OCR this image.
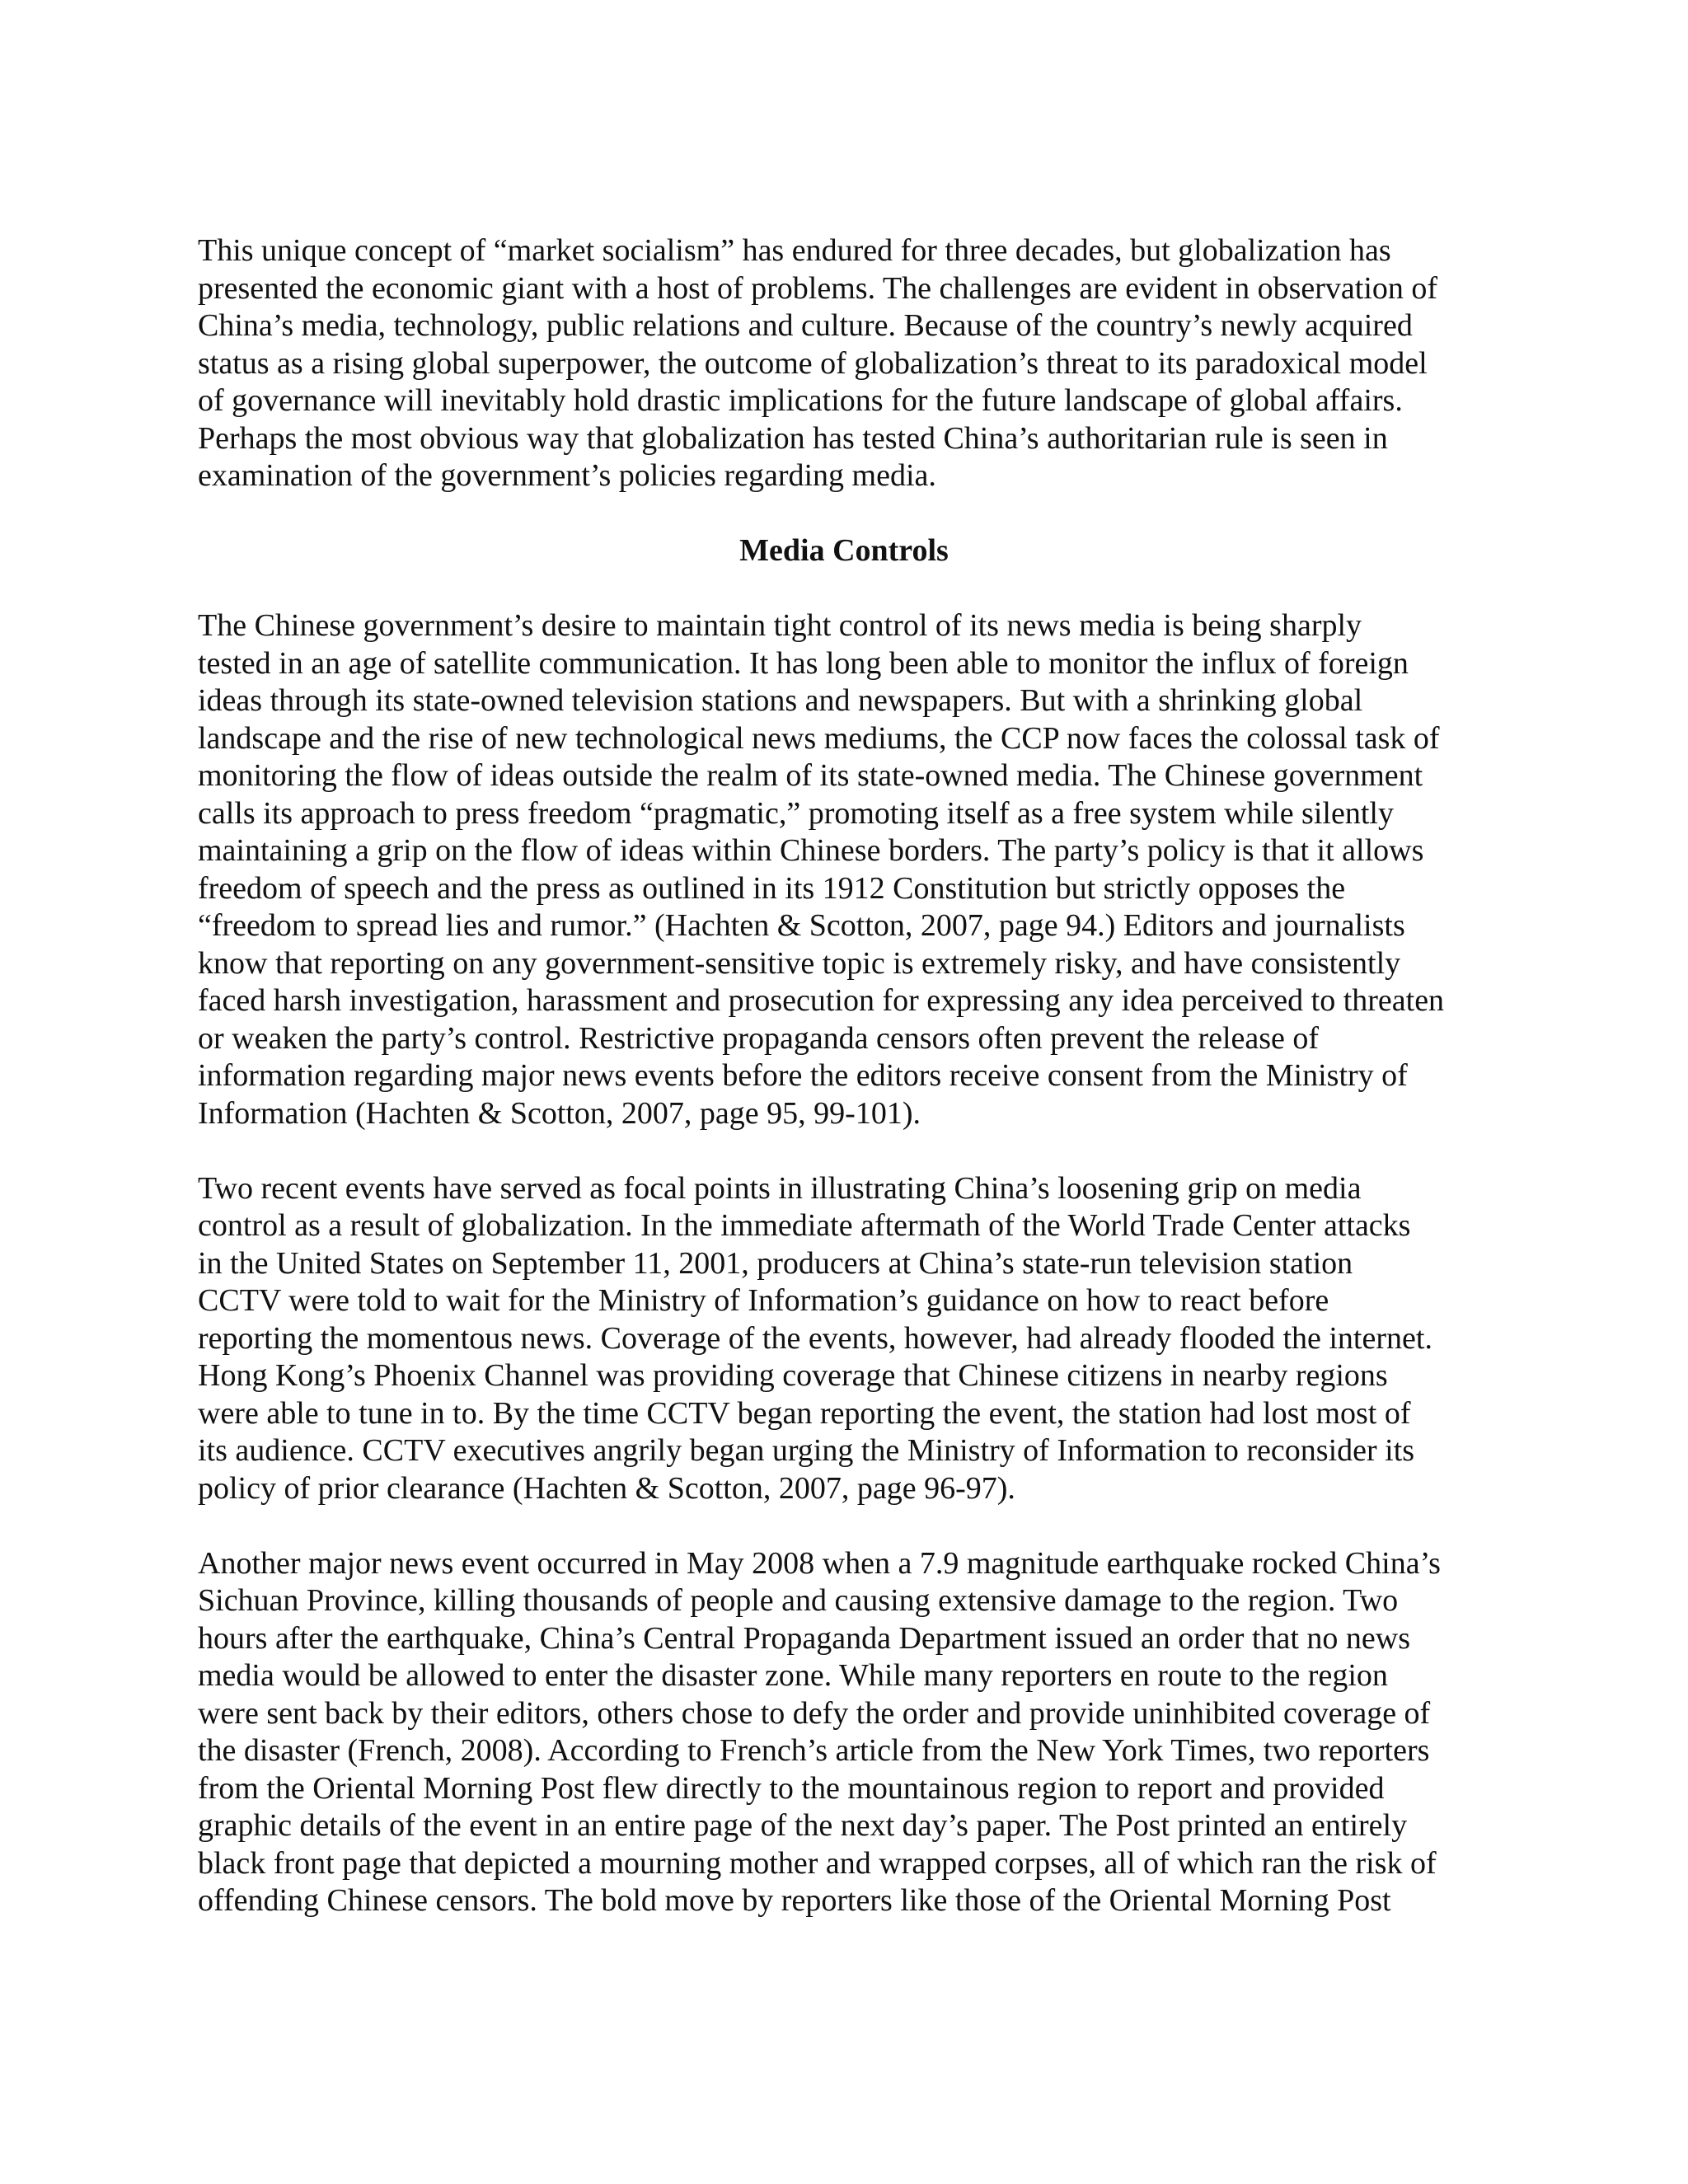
This unique concept of “market socialism” has endured for three decades, but globalization has
presented the economic giant with a host of problems. The challenges are evident in observation of
China’s media, technology, public relations and culture. Because of the country’s newly acquired
status as a rising global superpower, the outcome of globalization’s threat to its paradoxical model
of governance will inevitably hold drastic implications for the future landscape of global affairs.
Perhaps the most obvious way that globalization has tested China’s authoritarian rule is seen in
examination of the government’s policies regarding media.
Media Controls
The Chinese government’s desire to maintain tight control of its news media is being sharply
tested in an age of satellite communication. It has long been able to monitor the influx of foreign
ideas through its state-owned television stations and newspapers. But with a shrinking global
landscape and the rise of new technological news mediums, the CCP now faces the colossal task of
monitoring the flow of ideas outside the realm of its state-owned media. The Chinese government
calls its approach to press freedom “pragmatic,” promoting itself as a free system while silently
maintaining a grip on the flow of ideas within Chinese borders. The party’s policy is that it allows
freedom of speech and the press as outlined in its 1912 Constitution but strictly opposes the
“freedom to spread lies and rumor.” (Hachten & Scotton, 2007, page 94.) Editors and journalists
know that reporting on any government-sensitive topic is extremely risky, and have consistently
faced harsh investigation, harassment and prosecution for expressing any idea perceived to threaten
or weaken the party’s control. Restrictive propaganda censors often prevent the release of
information regarding major news events before the editors receive consent from the Ministry of
Information (Hachten & Scotton, 2007, page 95, 99-101).
Two recent events have served as focal points in illustrating China’s loosening grip on media
control as a result of globalization. In the immediate aftermath of the World Trade Center attacks
in the United States on September 11, 2001, producers at China’s state-run television station
CCTV were told to wait for the Ministry of Information’s guidance on how to react before
reporting the momentous news. Coverage of the events, however, had already flooded the internet.
Hong Kong’s Phoenix Channel was providing coverage that Chinese citizens in nearby regions
were able to tune in to. By the time CCTV began reporting the event, the station had lost most of
its audience. CCTV executives angrily began urging the Ministry of Information to reconsider its
policy of prior clearance (Hachten & Scotton, 2007, page 96-97).
Another major news event occurred in May 2008 when a 7.9 magnitude earthquake rocked China’s
Sichuan Province, killing thousands of people and causing extensive damage to the region. Two
hours after the earthquake, China’s Central Propaganda Department issued an order that no news
media would be allowed to enter the disaster zone. While many reporters en route to the region
were sent back by their editors, others chose to defy the order and provide uninhibited coverage of
the disaster (French, 2008). According to French’s article from the New York Times, two reporters
from the Oriental Morning Post flew directly to the mountainous region to report and provided
graphic details of the event in an entire page of the next day’s paper. The Post printed an entirely
black front page that depicted a mourning mother and wrapped corpses, all of which ran the risk of
offending Chinese censors. The bold move by reporters like those of the Oriental Morning Post
